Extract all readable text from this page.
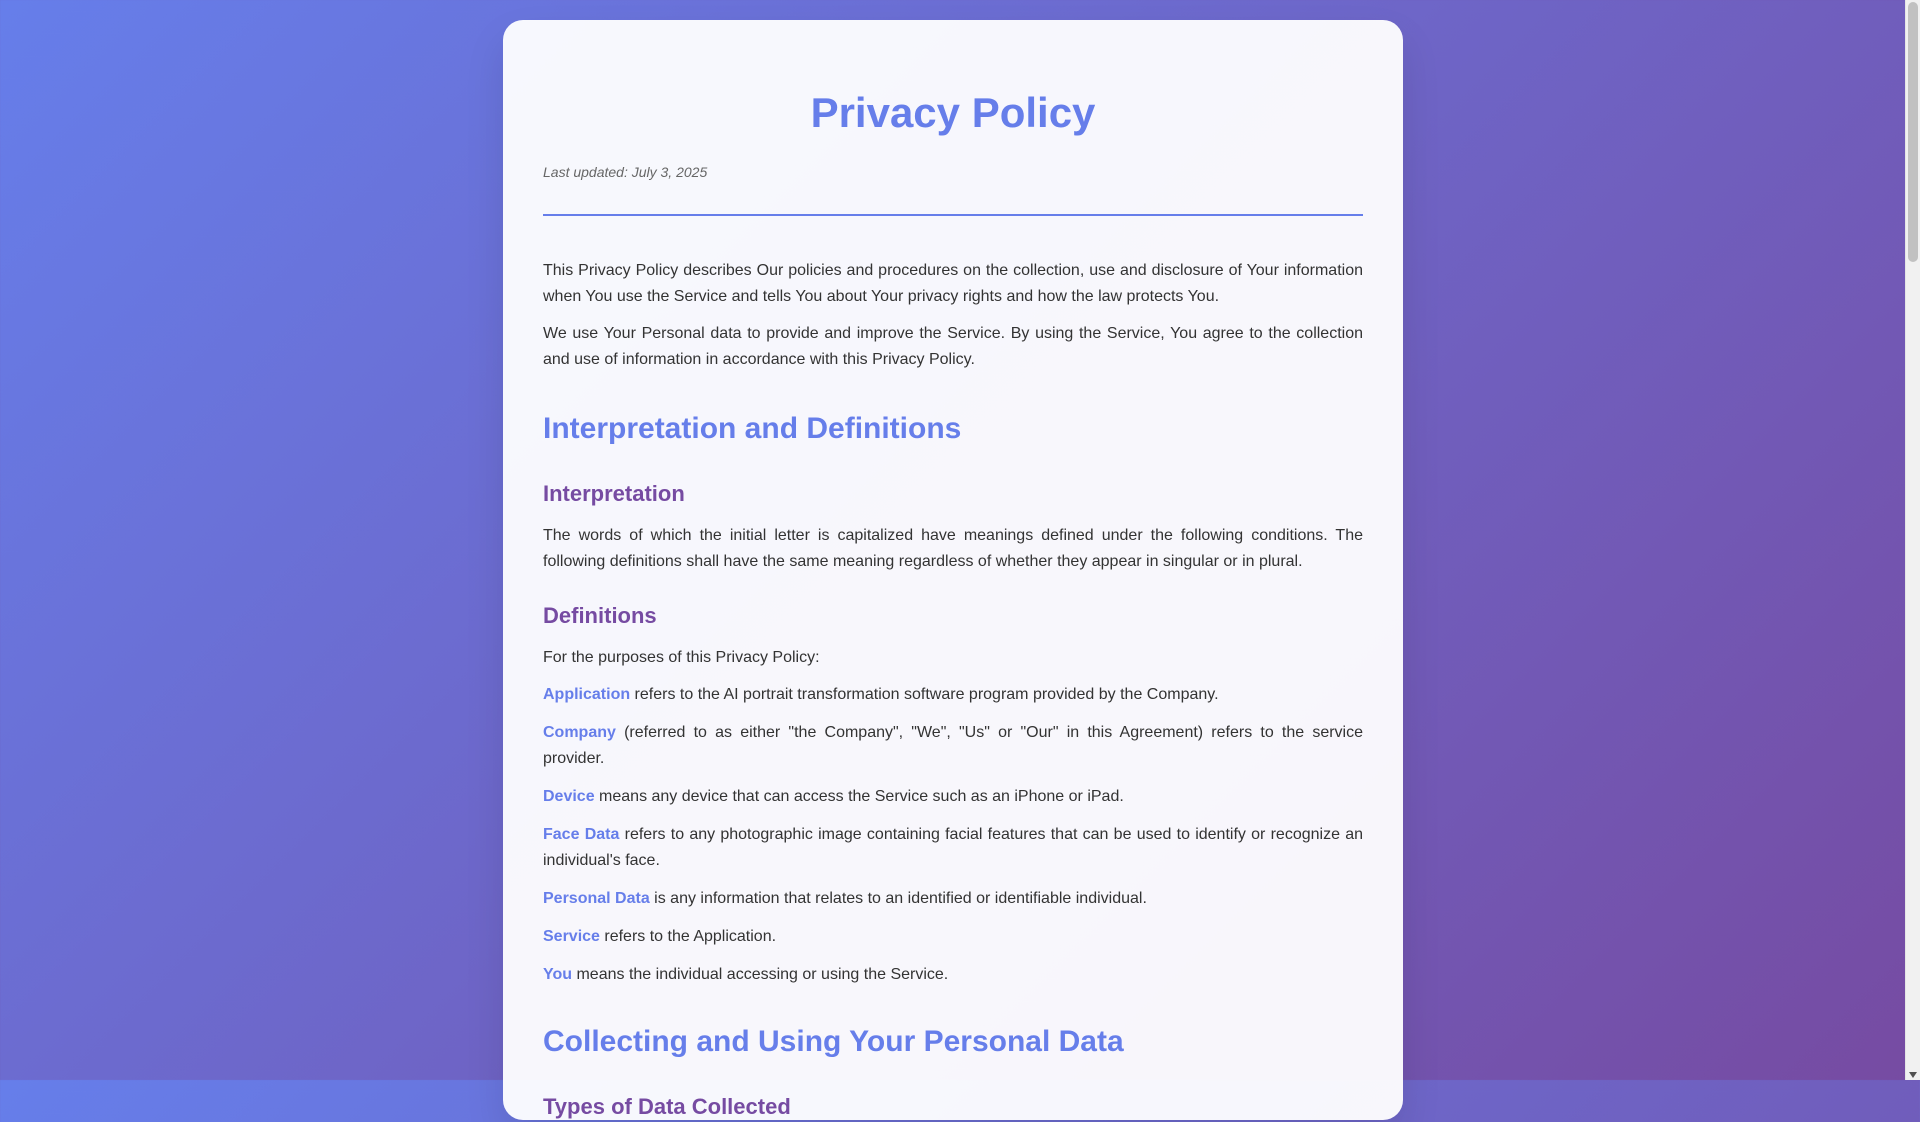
Privacy Policy
Last updated: July 3, 2025

This Privacy Policy describes Our policies and procedures on the collection, use and disclosure of Your information when You use the Service and tells You about Your privacy rights and how the law protects You.

We use Your Personal data to provide and improve the Service. By using the Service, You agree to the collection and use of information in accordance with this Privacy Policy.

Interpretation and Definitions
Interpretation

The words of which the initial letter is capitalized have meanings defined under the following conditions. The following definitions shall have the same meaning regardless of whether they appear in singular or in plural.

Definitions

For the purposes of this Privacy Policy:

Application refers to the AI portrait transformation software program provided by the Company.
Company (referred to as either "the Company", "We", "Us" or "Our" in this Agreement) refers to the service provider.
Device means any device that can access the Service such as an iPhone or iPad.
Face Data refers to any photographic image containing facial features that can be used to identify or recognize an individual's face.
Personal Data is any information that relates to an identified or identifiable individual.
Service refers to the Application.
You means the individual accessing or using the Service.
Collecting and Using Your Personal Data
Types of Data Collected
